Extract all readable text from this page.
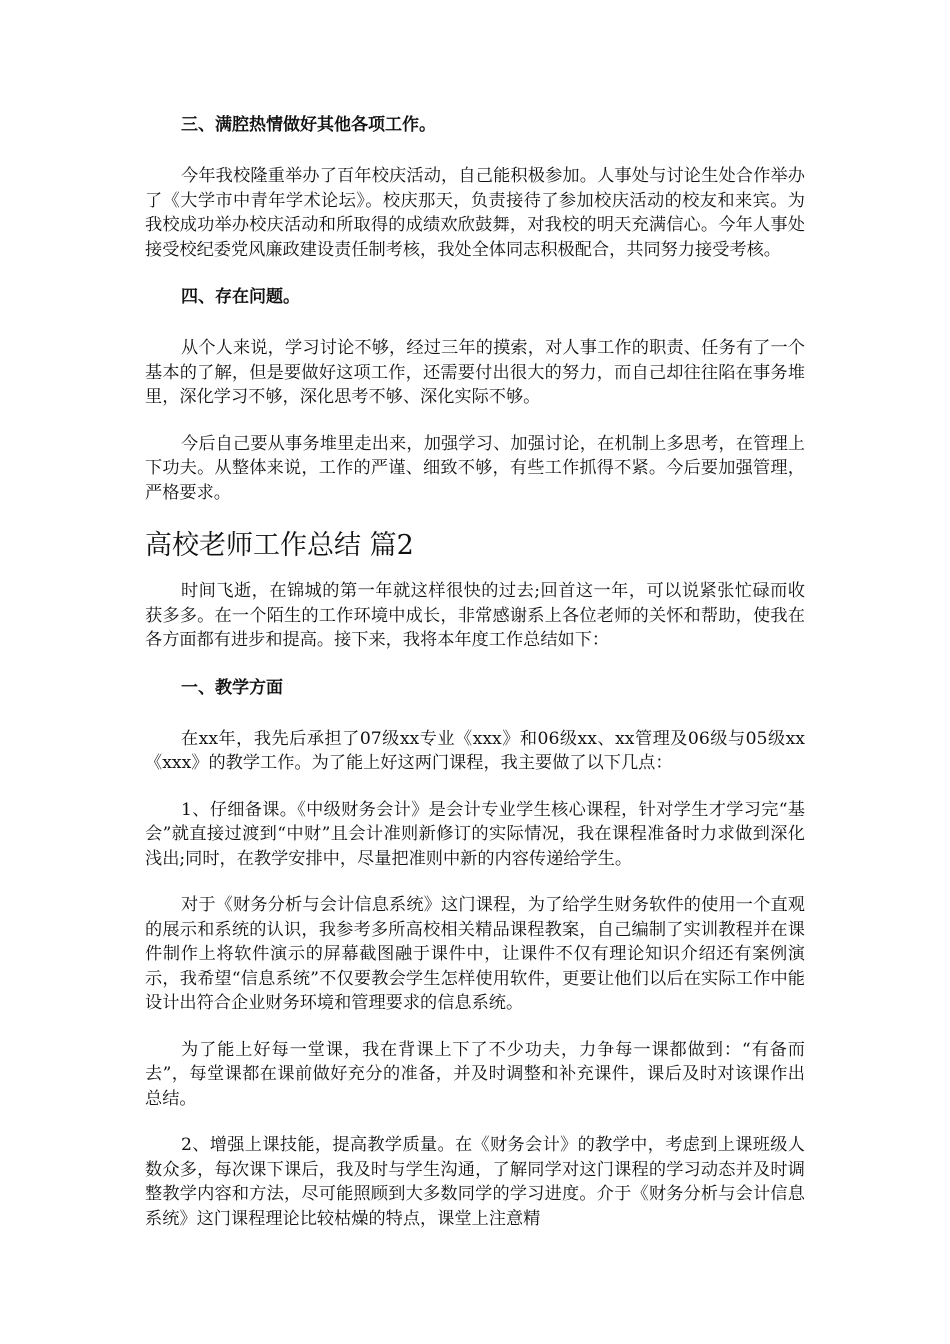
三、满腔热情做好其他各项工作。

今年我校隆重举办了百年校庆活动，自己能积极参加。人事处与讨论生处合作举办了《大学市中青年学术论坛》。校庆那天，负责接待了参加校庆活动的校友和来宾。为我校成功举办校庆活动和所取得的成绩欢欣鼓舞，对我校的明天充满信心。今年人事处接受校纪委党风廉政建设责任制考核，我处全体同志积极配合，共同努力接受考核。

四、存在问题。

从个人来说，学习讨论不够，经过三年的摸索，对人事工作的职责、任务有了一个基本的了解，但是要做好这项工作，还需要付出很大的努力，而自己却往往陷在事务堆里，深化学习不够，深化思考不够、深化实际不够。

今后自己要从事务堆里走出来，加强学习、加强讨论，在机制上多思考，在管理上下功夫。从整体来说，工作的严谨、细致不够，有些工作抓得不紧。今后要加强管理，严格要求。

高校老师工作总结 篇2

时间飞逝，在锦城的第一年就这样很快的过去;回首这一年，可以说紧张忙碌而收获多多。在一个陌生的工作环境中成长，非常感谢系上各位老师的关怀和帮助，使我在各方面都有进步和提高。接下来，我将本年度工作总结如下：

一、教学方面

在xx年，我先后承担了07级xx专业《xxx》和06级xx、xx管理及06级与05级xx《xxx》的教学工作。为了能上好这两门课程，我主要做了以下几点：

1、仔细备课。《中级财务会计》是会计专业学生核心课程，针对学生才学习完“基会”就直接过渡到“中财”且会计准则新修订的实际情况，我在课程准备时力求做到深化浅出;同时，在教学安排中，尽量把准则中新的内容传递给学生。

对于《财务分析与会计信息系统》这门课程，为了给学生财务软件的使用一个直观的展示和系统的认识，我参考多所高校相关精品课程教案，自己编制了实训教程并在课件制作上将软件演示的屏幕截图融于课件中，让课件不仅有理论知识介绍还有案例演示，我希望“信息系统”不仅要教会学生怎样使用软件，更要让他们以后在实际工作中能设计出符合企业财务环境和管理要求的信息系统。

为了能上好每一堂课，我在背课上下了不少功夫，力争每一课都做到：“有备而去”，每堂课都在课前做好充分的准备，并及时调整和补充课件，课后及时对该课作出总结。

2、增强上课技能，提高教学质量。在《财务会计》的教学中，考虑到上课班级人数众多，每次课下课后，我及时与学生沟通，了解同学对这门课程的学习动态并及时调整教学内容和方法，尽可能照顾到大多数同学的学习进度。介于《财务分析与会计信息系统》这门课程理论比较枯燥的特点，课堂上注意精
